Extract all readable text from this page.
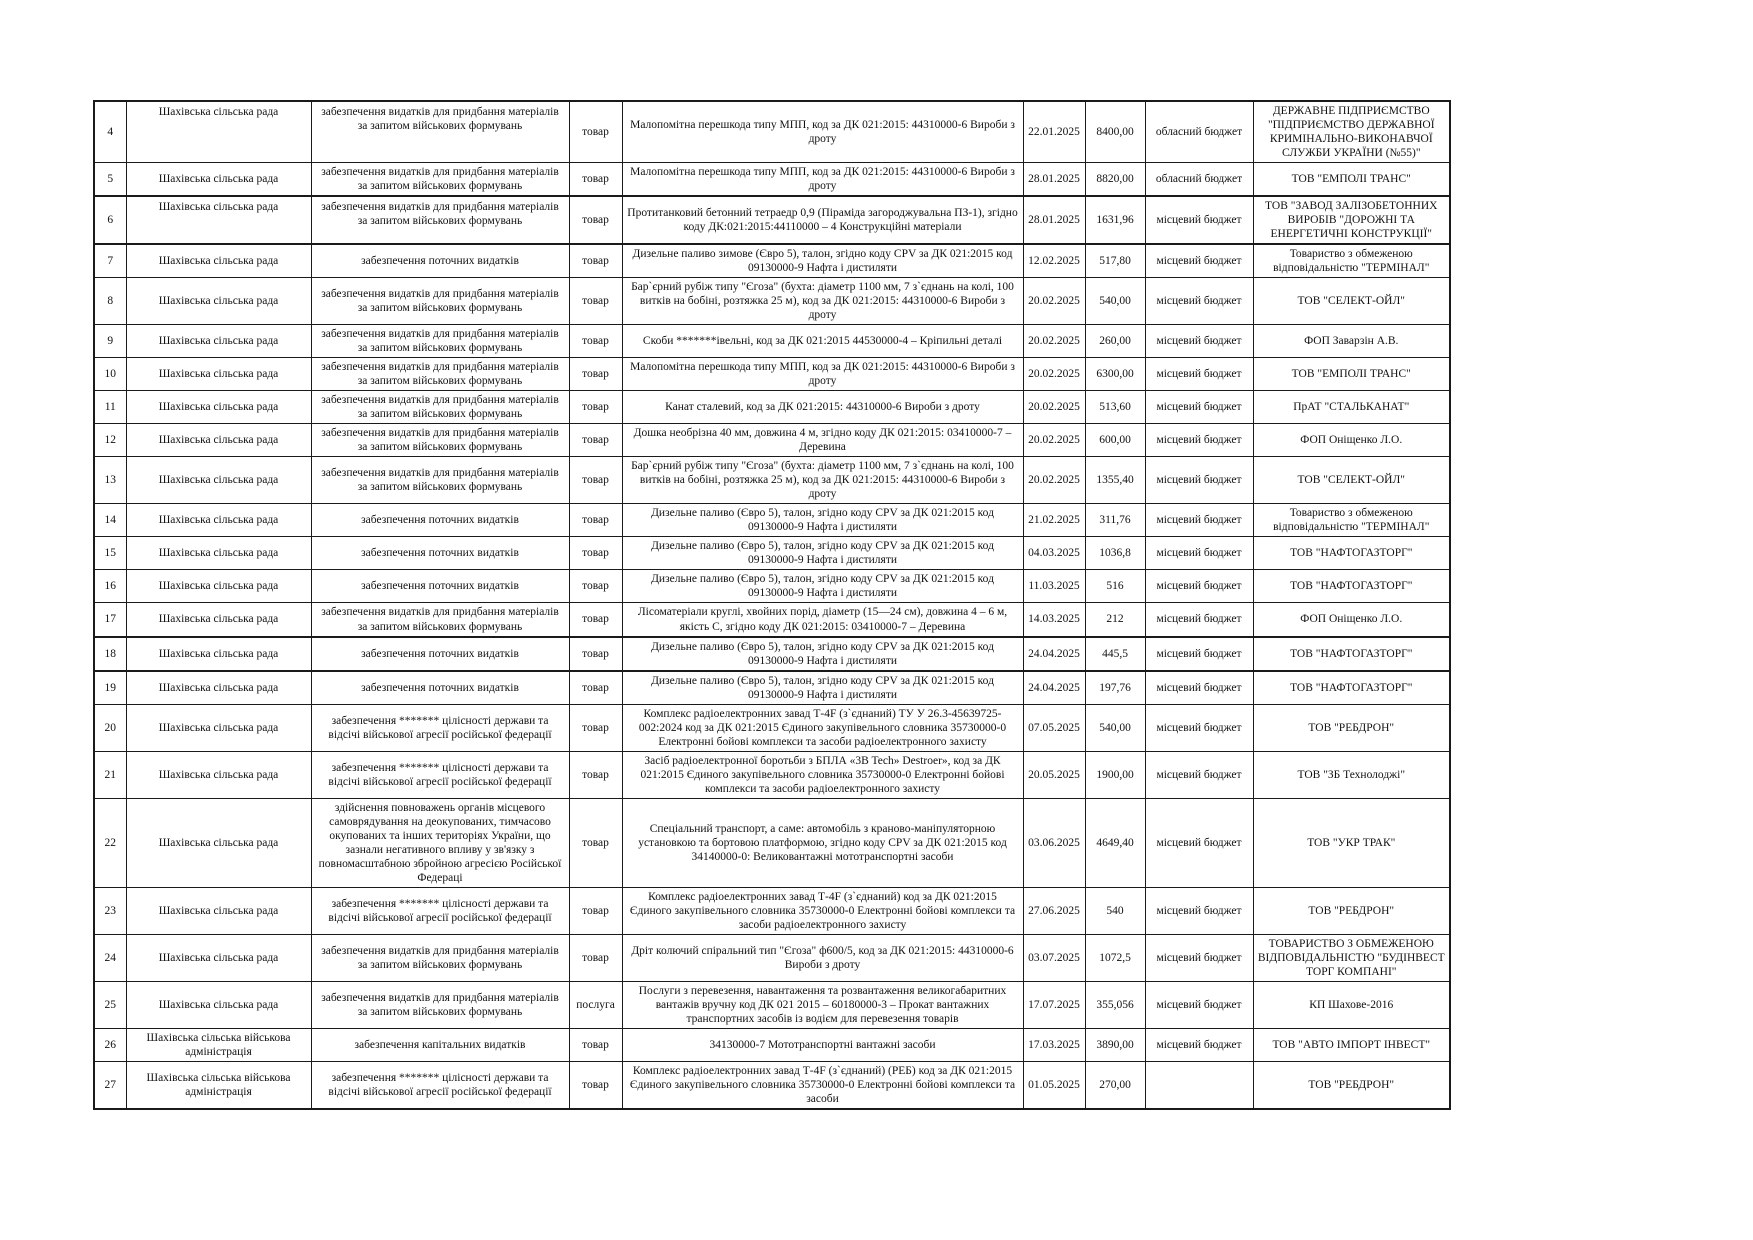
4	Шахівська сільська рада	забезпечення видатків для придбання матеріалів за запитом військових формувань	товар	Малопомітна перешкода типу МПП, код за ДК 021:2015: 44310000-6 Вироби з дроту	22.01.2025	8400,00	обласний бюджет	ДЕРЖАВНЕ ПІДПРИЄМСТВО "ПІДПРИЄМСТВО ДЕРЖАВНОЇ КРИМІНАЛЬНО-ВИКОНАВЧОЇ СЛУЖБИ УКРАЇНИ (№55)"
5	Шахівська сільська рада	забезпечення видатків для придбання матеріалів за запитом військових формувань	товар	Малопомітна перешкода типу МПП, код за ДК 021:2015: 44310000-6 Вироби з дроту	28.01.2025	8820,00	обласний бюджет	ТОВ "ЕМПОЛІ ТРАНС"
6	Шахівська сільська рада	забезпечення видатків для придбання матеріалів за запитом військових формувань	товар	Протитанковий бетонний тетраедр 0,9 (Піраміда загороджувальна ПЗ-1), згідно коду ДК:021:2015:44110000 – 4 Конструкційні матеріали	28.01.2025	1631,96	місцевий бюджет	ТОВ "ЗАВОД ЗАЛІЗОБЕТОННИХ ВИРОБІВ "ДОРОЖНІ ТА ЕНЕРГЕТИЧНІ КОНСТРУКЦІЇ"
7	Шахівська сільська рада	забезпечення поточних видатків	товар	Дизельне паливо зимове (Євро 5), талон, згідно коду CPV за ДК 021:2015 код 09130000-9 Нафта і дистиляти	12.02.2025	517,80	місцевий бюджет	Товариство з обмеженою відповідальністю "ТЕРМІНАЛ"
8	Шахівська сільська рада	забезпечення видатків для придбання матеріалів за запитом військових формувань	товар	Бар`єрний рубіж типу "Єгоза" (бухта: діаметр 1100 мм, 7 з`єднань на колі, 100 витків на бобіні, розтяжка 25 м), код за ДК 021:2015: 44310000-6 Вироби з дроту	20.02.2025	540,00	місцевий бюджет	ТОВ "СЕЛЕКТ-ОЙЛ"
9	Шахівська сільська рада	забезпечення видатків для придбання матеріалів за запитом військових формувань	товар	Скоби *******івельні, код за ДК 021:2015 44530000-4 – Кріпильні деталі	20.02.2025	260,00	місцевий бюджет	ФОП Заварзін А.В.
10	Шахівська сільська рада	забезпечення видатків для придбання матеріалів за запитом військових формувань	товар	Малопомітна перешкода типу МПП, код за ДК 021:2015: 44310000-6 Вироби з дроту	20.02.2025	6300,00	місцевий бюджет	ТОВ "ЕМПОЛІ ТРАНС"
11	Шахівська сільська рада	забезпечення видатків для придбання матеріалів за запитом військових формувань	товар	Канат сталевий, код за ДК 021:2015: 44310000-6 Вироби з дроту	20.02.2025	513,60	місцевий бюджет	ПрАТ "СТАЛЬКАНАТ"
12	Шахівська сільська рада	забезпечення видатків для придбання матеріалів за запитом військових формувань	товар	Дошка необрізна 40 мм, довжина 4 м, згідно коду ДК 021:2015: 03410000-7 – Деревина	20.02.2025	600,00	місцевий бюджет	ФОП Оніщенко Л.О.
13	Шахівська сільська рада	забезпечення видатків для придбання матеріалів за запитом військових формувань	товар	Бар`єрний рубіж типу "Єгоза" (бухта: діаметр 1100 мм, 7 з`єднань на колі, 100 витків на бобіні, розтяжка 25 м), код за ДК 021:2015: 44310000-6 Вироби з дроту	20.02.2025	1355,40	місцевий бюджет	ТОВ "СЕЛЕКТ-ОЙЛ"
14	Шахівська сільська рада	забезпечення поточних видатків	товар	Дизельне паливо (Євро 5), талон, згідно коду CPV за ДК 021:2015 код 09130000-9 Нафта і дистиляти	21.02.2025	311,76	місцевий бюджет	Товариство з обмеженою відповідальністю "ТЕРМІНАЛ"
15	Шахівська сільська рада	забезпечення поточних видатків	товар	Дизельне паливо (Євро 5), талон, згідно коду CPV за ДК 021:2015 код 09130000-9 Нафта і дистиляти	04.03.2025	1036,8	місцевий бюджет	ТОВ "НАФТОГАЗТОРГ"
16	Шахівська сільська рада	забезпечення поточних видатків	товар	Дизельне паливо (Євро 5), талон, згідно коду CPV за ДК 021:2015 код 09130000-9 Нафта і дистиляти	11.03.2025	516	місцевий бюджет	ТОВ "НАФТОГАЗТОРГ"
17	Шахівська сільська рада	забезпечення видатків для придбання матеріалів за запитом військових формувань	товар	Лісоматеріали круглі, хвойних порід, діаметр (15—24 см), довжина 4 – 6 м, якість С, згідно коду ДК 021:2015: 03410000-7 – Деревина	14.03.2025	212	місцевий бюджет	ФОП Оніщенко Л.О.
18	Шахівська сільська рада	забезпечення поточних видатків	товар	Дизельне паливо (Євро 5), талон, згідно коду CPV за ДК 021:2015 код 09130000-9 Нафта і дистиляти	24.04.2025	445,5	місцевий бюджет	ТОВ "НАФТОГАЗТОРГ"
19	Шахівська сільська рада	забезпечення поточних видатків	товар	Дизельне паливо (Євро 5), талон, згідно коду CPV за ДК 021:2015 код 09130000-9 Нафта і дистиляти	24.04.2025	197,76	місцевий бюджет	ТОВ "НАФТОГАЗТОРГ"
20	Шахівська сільська рада	забезпечення ******* цілісності держави та відсічі військової агресії російської федерації	товар	Комплекс радіоелектронних завад Т-4F (з`єднаний) ТУ У 26.3-45639725-002:2024 код за ДК 021:2015 Єдиного закупівельного словника 35730000-0 Електронні бойові комплекси та засоби радіоелектронного захисту	07.05.2025	540,00	місцевий бюджет	ТОВ "РЕБДРОН"
21	Шахівська сільська рада	забезпечення ******* цілісності держави та відсічі військової агресії російської федерації	товар	Засіб радіоелектронної боротьби з БПЛА «3B Tech» Destroer», код за ДК 021:2015 Єдиного закупівельного словника 35730000-0 Електронні бойові комплекси та засоби радіоелектронного захисту	20.05.2025	1900,00	місцевий бюджет	ТОВ "ЗБ Технолоджі"
22	Шахівська сільська рада	здійснення повноважень органів місцевого самоврядування на деокупованих, тимчасово окупованих та інших територіях України, що зазнали негативного впливу у зв'язку з повномасштабною збройною агресією Російської Федераці	товар	Спеціальний транспорт, а саме: автомобіль з краново-маніпуляторною установкою та бортовою платформою, згідно коду CPV за ДК 021:2015 код 34140000-0: Великовантажні мототранспортні засоби	03.06.2025	4649,40	місцевий бюджет	ТОВ "УКР ТРАК"
23	Шахівська сільська рада	забезпечення ******* цілісності держави та відсічі військової агресії російської федерації	товар	Комплекс радіоелектронних завад Т-4F (з`єднаний) код за ДК 021:2015 Єдиного закупівельного словника 35730000-0 Електронні бойові комплекси та засоби радіоелектронного захисту	27.06.2025	540	місцевий бюджет	ТОВ "РЕБДРОН"
24	Шахівська сільська рада	забезпечення видатків для придбання матеріалів за запитом військових формувань	товар	Дріт колючий спіральний тип "Єгоза" ф600/5, код за ДК 021:2015: 44310000-6 Вироби з дроту	03.07.2025	1072,5	місцевий бюджет	ТОВАРИСТВО З ОБМЕЖЕНОЮ ВІДПОВІДАЛЬНІСТЮ "БУДІНВЕСТ ТОРГ КОМПАНІ"
25	Шахівська сільська рада	забезпечення видатків для придбання матеріалів за запитом військових формувань	послуга	Послуги з перевезення, навантаження та розвантаження великогабаритних вантажів вручну код ДК 021 2015 – 60180000-3 – Прокат вантажних транспортних засобів із водієм для перевезення товарів	17.07.2025	355,056	місцевий бюджет	КП Шахове-2016
26	Шахівська сільська військова адміністрація	забезпечення капітальних видатків	товар	34130000-7 Мототранспортні вантажні засоби	17.03.2025	3890,00	місцевий бюджет	ТОВ "АВТО ІМПОРТ ІНВЕСТ"
27	Шахівська сільська військова адміністрація	забезпечення ******* цілісності держави та відсічі військової агресії російської федерації	товар	Комплекс радіоелектронних завад Т-4F (з`єднаний) (РЕБ) код за ДК 021:2015 Єдиного закупівельного словника 35730000-0 Електронні бойові комплекси та засоби	01.05.2025	270,00		ТОВ "РЕБДРОН"
